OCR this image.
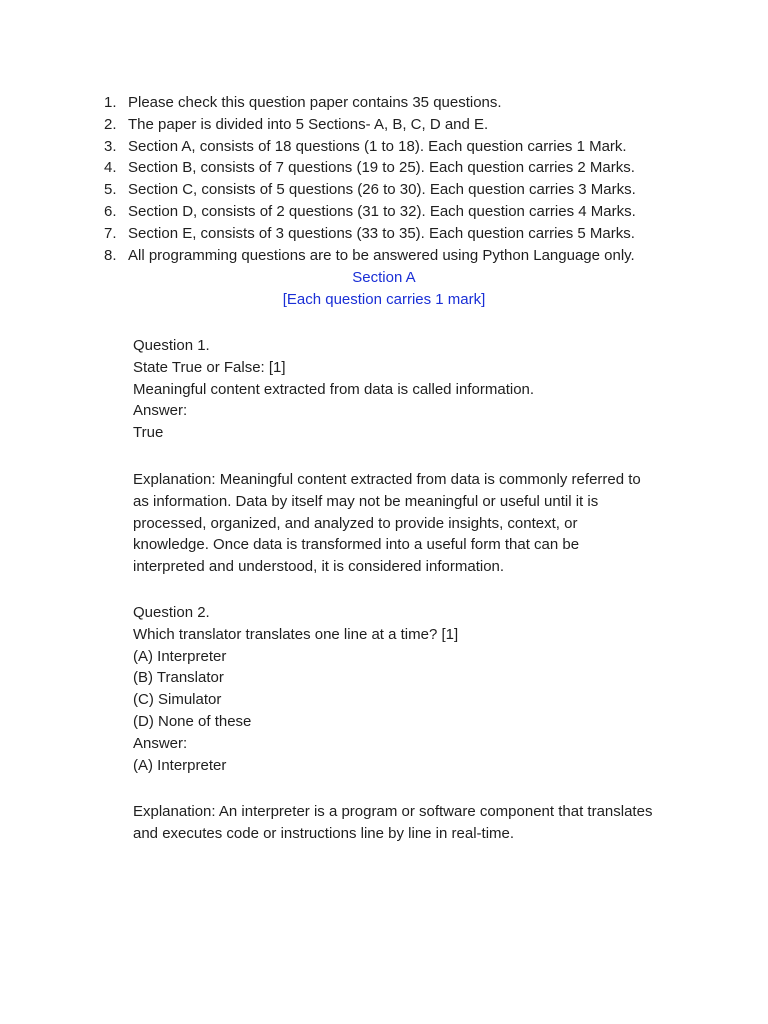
1. Please check this question paper contains 35 questions.
2. The paper is divided into 5 Sections- A, B, C, D and E.
3. Section A, consists of 18 questions (1 to 18). Each question carries 1 Mark.
4. Section B, consists of 7 questions (19 to 25). Each question carries 2 Marks.
5. Section C, consists of 5 questions (26 to 30). Each question carries 3 Marks.
6. Section D, consists of 2 questions (31 to 32). Each question carries 4 Marks.
7. Section E, consists of 3 questions (33 to 35). Each question carries 5 Marks.
8. All programming questions are to be answered using Python Language only.
Section A
[Each question carries 1 mark]
Question 1.
State True or False: [1]
Meaningful content extracted from data is called information.
Answer:
True

Explanation: Meaningful content extracted from data is commonly referred to as information. Data by itself may not be meaningful or useful until it is processed, organized, and analyzed to provide insights, context, or knowledge. Once data is transformed into a useful form that can be interpreted and understood, it is considered information.

Question 2.
Which translator translates one line at a time? [1]
(A) Interpreter
(B) Translator
(C) Simulator
(D) None of these
Answer:
(A) Interpreter

Explanation: An interpreter is a program or software component that translates and executes code or instructions line by line in real-time.
